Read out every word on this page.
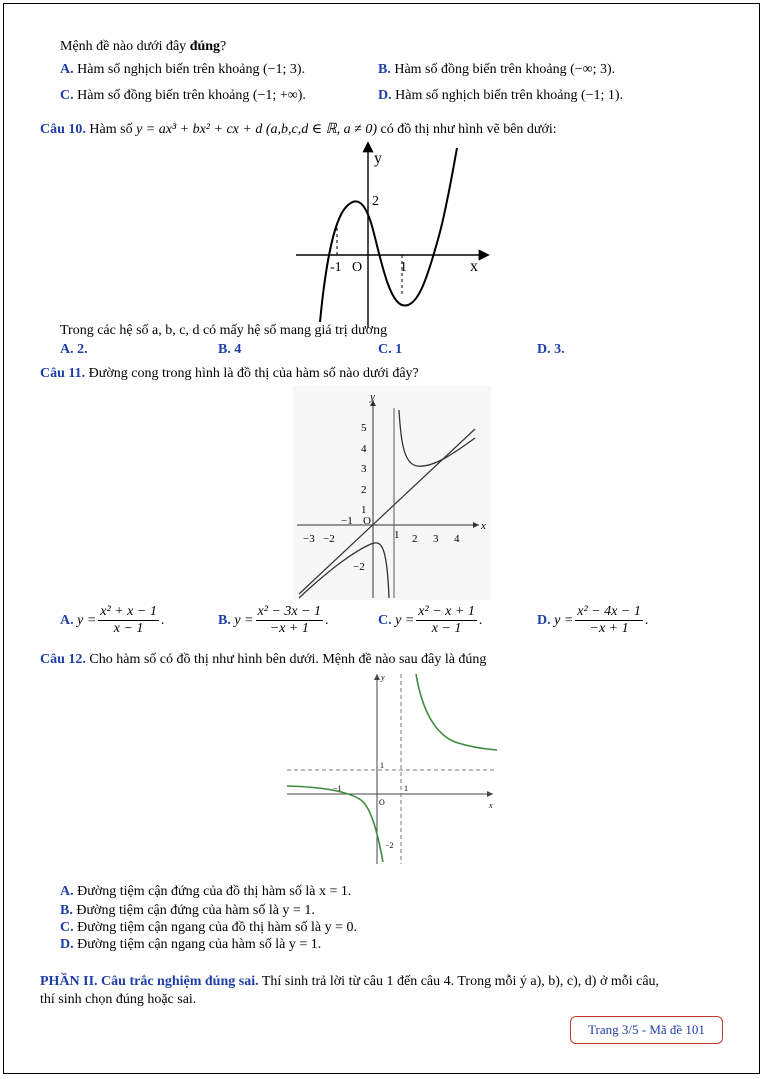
Mệnh đề nào dưới đây đúng?
A. Hàm số nghịch biến trên khoảng (−1; 3).	B. Hàm số đồng biến trên khoảng (−∞; 3).
C. Hàm số đồng biến trên khoảng (−1; +∞).	D. Hàm số nghịch biến trên khoảng (−1; 1).
Câu 10. Hàm số y = ax³ + bx² + cx + d (a,b,c,d ∈ ℝ, a ≠ 0) có đồ thị như hình vẽ bên dưới:
y
x
2
-1 O	1
Trong các hệ số a, b, c, d có mấy hệ số mang giá trị dương
A. 2.	B. 4	C. 1	D. 3.
Câu 11. Đường cong trong hình là đồ thị của hàm số nào dưới đây?
y
x
O
5
4
3
2
1
−1
−2
−3 −2	1 2 3 4
A.
$y = \frac{\text{x² + x − 1}}{x - 1}$ .	B.
$y = \frac{\text{x² − 3x − 1}}{-x + 1}$ .	C.
$y = \frac{\text{x² − x + 1}}{x - 1}$ .	D.
$y = \frac{\text{x² − 4x − 1}}{-x + 1}$ .
Câu 12. Cho hàm số có đồ thị như hình bên dưới. Mệnh đề nào sau đây là đúng
y
x
1
−1	1
O
−2
A. Đường tiệm cận đứng của đồ thị hàm số là x = 1.
B. Đường tiệm cận đứng của hàm số là y = 1.
C. Đường tiệm cận ngang của đồ thị hàm số là y = 0.
D. Đường tiệm cận ngang của hàm số là y = 1.
PHẦN II. Câu trắc nghiệm đúng sai. Thí sinh trả lời từ câu 1 đến câu 4. Trong mỗi ý a), b), c), d) ở mỗi câu,
thí sinh chọn đúng hoặc sai.
Trang 3/5 - Mã đề 101
